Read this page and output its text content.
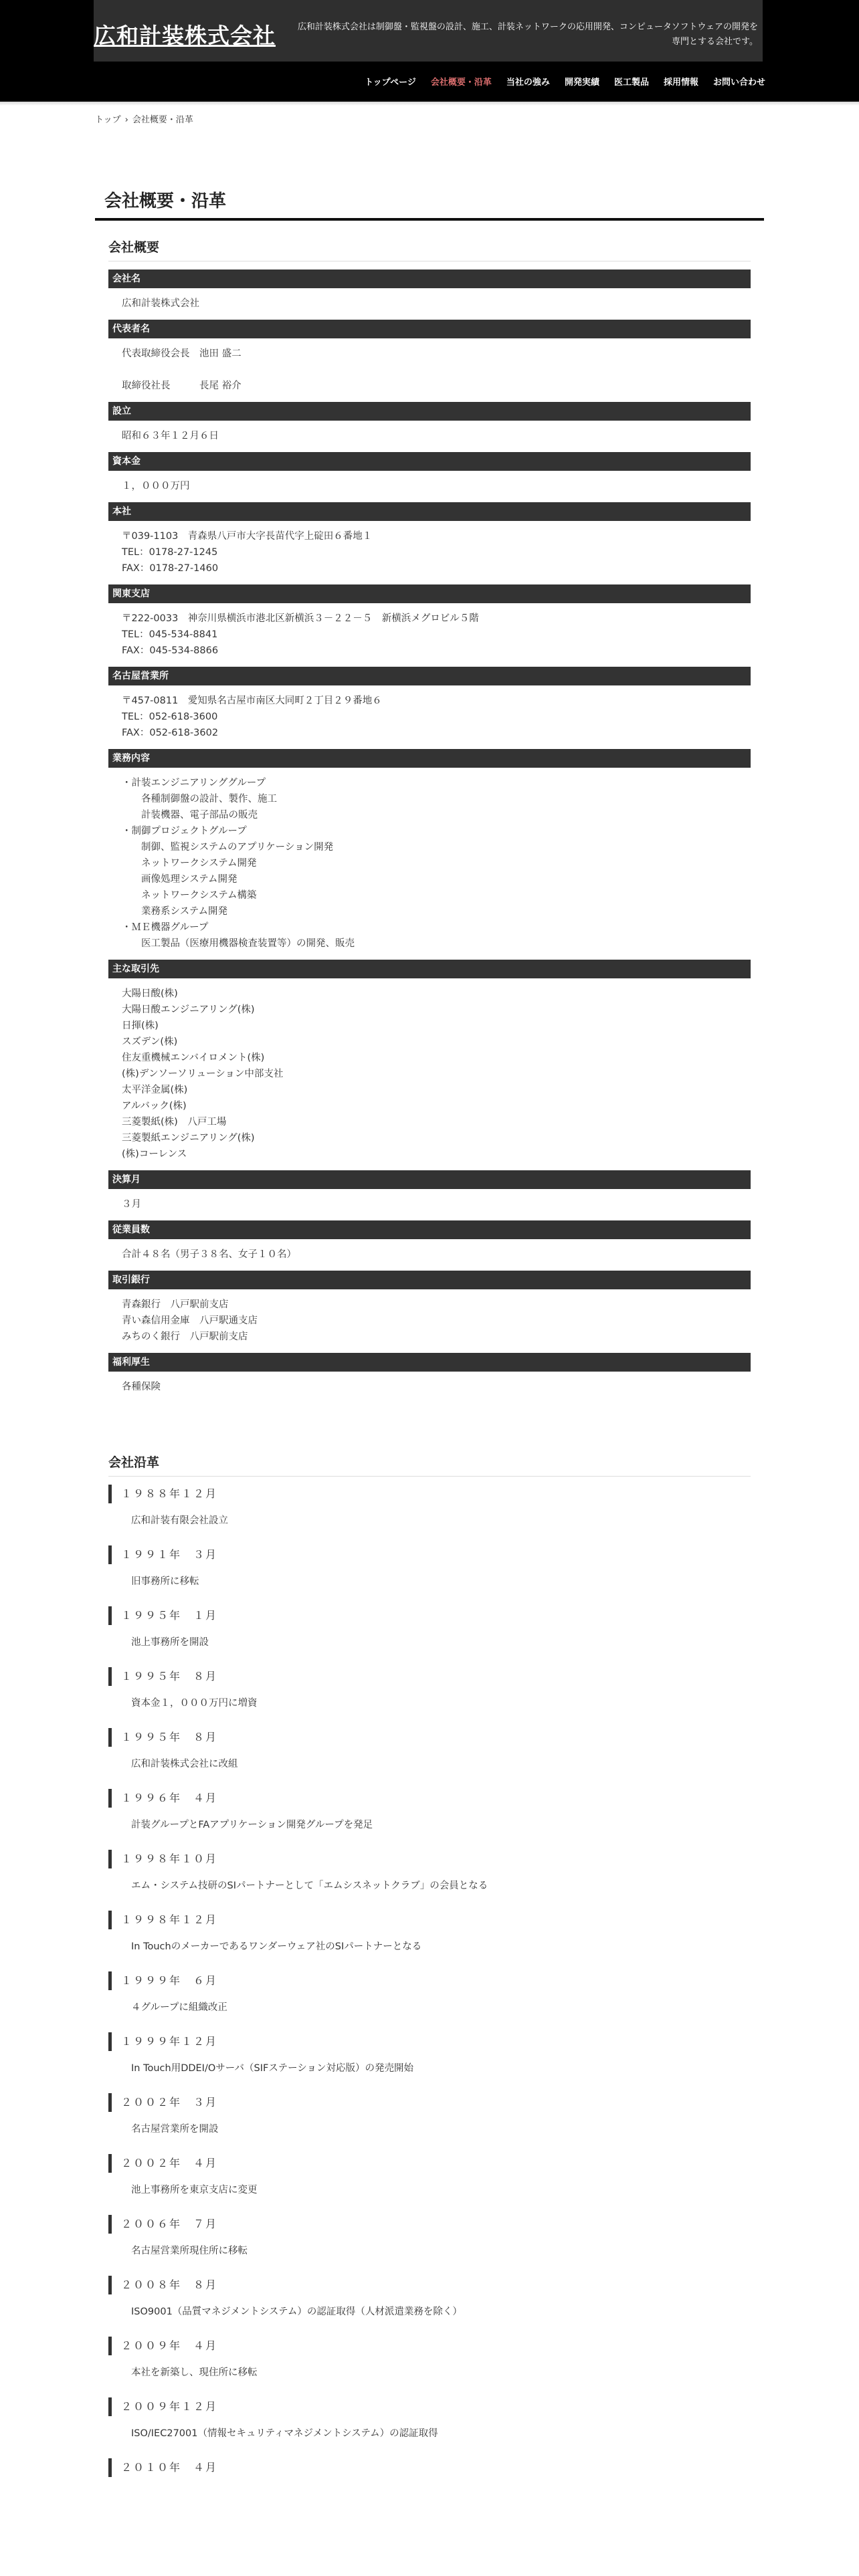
広和計装株式会社	広和計装株式会社は制御盤・監視盤の設計、施工、計装ネットワークの応用開発、コンピュータソフトウェアの開発を専門とする会社です。
トップページ 会社概要・沿革 当社の強み 開発実績 医工製品 採用情報 お問い合わせ
トップ › 会社概要・沿革
会社概要・沿革
会社概要
会社名
広和計装株式会社
代表者名
代表取締役会長　池田 盛二
取締役社長　　　長尾 裕介
設立
昭和６３年１２月６日
資本金
１，０００万円
本社
〒039-1103　青森県八戸市大字長苗代字上碇田６番地１
TEL：0178-27-1245
FAX：0178-27-1460
関東支店
〒222-0033　神奈川県横浜市港北区新横浜３－２２－５　新横浜メグロビル５階
TEL：045-534-8841
FAX：045-534-8866
名古屋営業所
〒457-0811　愛知県名古屋市南区大同町２丁目２９番地６
TEL：052-618-3600
FAX：052-618-3602
業務内容
・計装エンジニアリンググループ
　　各種制御盤の設計、製作、施工
　　計装機器、電子部品の販売
・制御プロジェクトグループ
　　制御、監視システムのアプリケーション開発
　　ネットワークシステム開発
　　画像処理システム開発
　　ネットワークシステム構築
　　業務系システム開発
・ＭＥ機器グループ
　　医工製品（医療用機器検査装置等）の開発、販売
主な取引先
大陽日酸(株)
大陽日酸エンジニアリング(株)
日揮(株)
スズデン(株)
住友重機械エンバイロメント(株)
(株)デンソーソリューション中部支社
太平洋金属(株)
アルバック(株)
三菱製紙(株)　八戸工場
三菱製紙エンジニアリング(株)
(株)コーレンス
決算月
３月
従業員数
合計４８名（男子３８名、女子１０名）
取引銀行
青森銀行　八戸駅前支店
青い森信用金庫　八戸駅通支店
みちのく銀行　八戸駅前支店
福利厚生
各種保険
会社沿革
１９８８年１２月
広和計装有限会社設立
１９９１年　３月
旧事務所に移転
１９９５年　１月
池上事務所を開設
１９９５年　８月
資本金１，０００万円に増資
１９９５年　８月
広和計装株式会社に改組
１９９６年　４月
計装グループとFAアプリケーション開発グループを発足
１９９８年１０月
エム・システム技研のSIパートナーとして「エムシスネットクラブ」の会員となる
１９９８年１２月
In Touchのメーカーであるワンダーウェア社のSIパートナーとなる
１９９９年　６月
４グループに組織改正
１９９９年１２月
In Touch用DDEI/Oサーバ（SIFステーション対応版）の発売開始
２００２年　３月
名古屋営業所を開設
２００２年　４月
池上事務所を東京支店に変更
２００６年　７月
名古屋営業所現住所に移転
２００８年　８月
ISO9001（品質マネジメントシステム）の認証取得（人材派遣業務を除く）
２００９年　４月
本社を新築し、現住所に移転
２００９年１２月
ISO/IEC27001（情報セキュリティマネジメントシステム）の認証取得
２０１０年　４月
